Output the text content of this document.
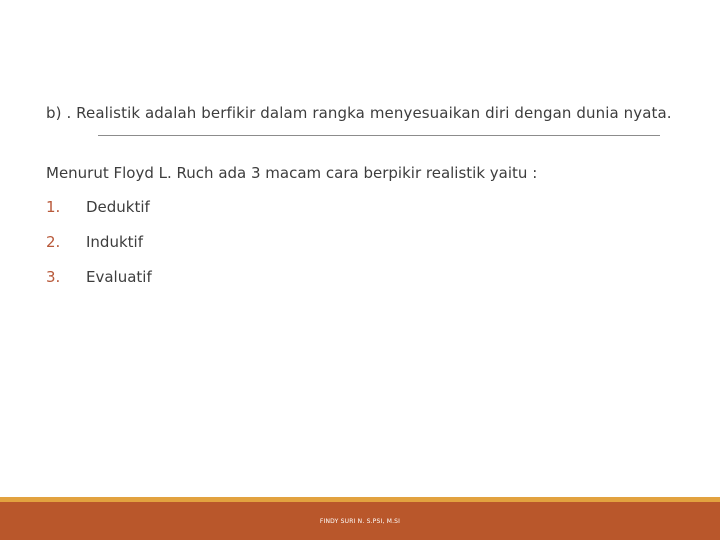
b) . Realistik adalah berfikir dalam rangka menyesuaikan diri dengan dunia nyata.
Menurut Floyd L. Ruch ada 3 macam cara berpikir realistik yaitu :
1. Deduktif
2. Induktif
3. Evaluatif
FINDY SURI N. S.PSI, M.SI
